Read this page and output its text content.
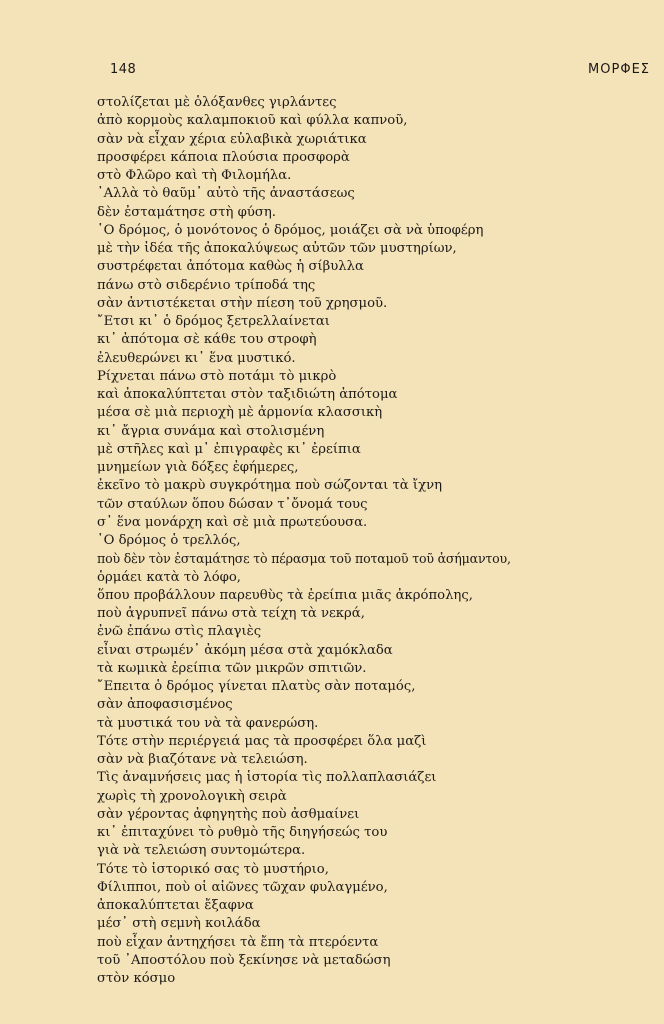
148	ΜΟΡΦΕΣ
στολίζεται μὲ ὁλόξανθες γιρλάντες
ἀπὸ κορμοὺς καλαμποκιοῦ καὶ φύλλα καπνοῦ,
σὰν νὰ εἶχαν χέρια εὐλαβικὰ χωριάτικα
προσφέρει κάποια πλούσια προσφορὰ
στὸ Φλῶρο καὶ τὴ Φιλομήλα.
᾿Αλλὰ τὸ θαῦμ᾿ αὐτὸ τῆς ἀναστάσεως
δὲν ἐσταμάτησε στὴ φύση.
῾Ο δρόμος, ὁ μονότονος ὁ δρόμος, μοιάζει σὰ νὰ ὑποφέρη
μὲ τὴν ἰδέα τῆς ἀποκαλύψεως αὐτῶν τῶν μυστηρίων,
συστρέφεται ἀπότομα καθὼς ἡ σίβυλλα
πάνω στὸ σιδερένιο τρίποδά της
σὰν ἀντιστέκεται στὴν πίεση τοῦ χρησμοῦ.
῎Ετσι κι᾿ ὁ δρόμος ξετρελλαίνεται
κι᾿ ἀπότομα σὲ κάθε του στροφὴ
ἐλευθερώνει κι᾿ ἕνα μυστικό.
Ρίχνεται πάνω στὸ ποτάμι τὸ μικρὸ
καὶ ἀποκαλύπτεται στὸν ταξιδιώτη ἀπότομα
μέσα σὲ μιὰ περιοχὴ μὲ ἁρμονία κλασσικὴ
κι᾿ ἄγρια συνάμα καὶ στολισμένη
μὲ στῆλες καὶ μ᾿ ἐπιγραφὲς κι᾿ ἐρείπια
μνημείων γιὰ δόξες ἐφήμερες,
ἐκεῖνο τὸ μακρὺ συγκρότημα ποὺ σώζονται τὰ ἴχνη
τῶν σταύλων ὅπου δώσαν τ᾿ὄνομά τους
σ᾿ ἕνα μονάρχη καὶ σὲ μιὰ πρωτεύουσα.
῾Ο δρόμος ὁ τρελλός,
ποὺ δὲν τὸν ἐσταμάτησε τὸ πέρασμα τοῦ ποταμοῦ τοῦ ἀσήμαντου,
ὁρμάει κατὰ τὸ λόφο,
ὅπου προβάλλουν παρευθὺς τὰ ἐρείπια μιᾶς ἀκρόπολης,
ποὺ ἀγρυπνεῖ πάνω στὰ τείχη τὰ νεκρά,
ἐνῶ ἐπάνω στὶς πλαγιὲς
εἶναι στρωμέν᾿ ἀκόμη μέσα στὰ χαμόκλαδα
τὰ κωμικὰ ἐρείπια τῶν μικρῶν σπιτιῶν.
῎Επειτα ὁ δρόμος γίνεται πλατὺς σὰν ποταμός,
σὰν ἀποφασισμένος
τὰ μυστικά του νὰ τὰ φανερώση.
Τότε στὴν περιέργειά μας τὰ προσφέρει ὅλα μαζὶ
σὰν νὰ βιαζότανε νὰ τελειώση.
Τὶς ἀναμνήσεις μας ἡ ἱστορία τὶς πολλαπλασιάζει
χωρὶς τὴ χρονολογικὴ σειρὰ
σὰν γέροντας ἀφηγητὴς ποὺ ἀσθμαίνει
κι᾿ ἐπιταχύνει τὸ ρυθμὸ τῆς διηγήσεώς του
γιὰ νὰ τελειώση συντομώτερα.
Τότε τὸ ἱστορικό σας τὸ μυστήριο,
Φίλιπποι, ποὺ οἱ αἰῶνες τῶχαν φυλαγμένο,
ἀποκαλύπτεται ἔξαφνα
μέσ᾿ στὴ σεμνὴ κοιλάδα
ποὺ εἶχαν ἀντηχήσει τὰ ἔπη τὰ πτερόεντα
τοῦ ᾿Αποστόλου ποὺ ξεκίνησε νὰ μεταδώση
στὸν κόσμο
